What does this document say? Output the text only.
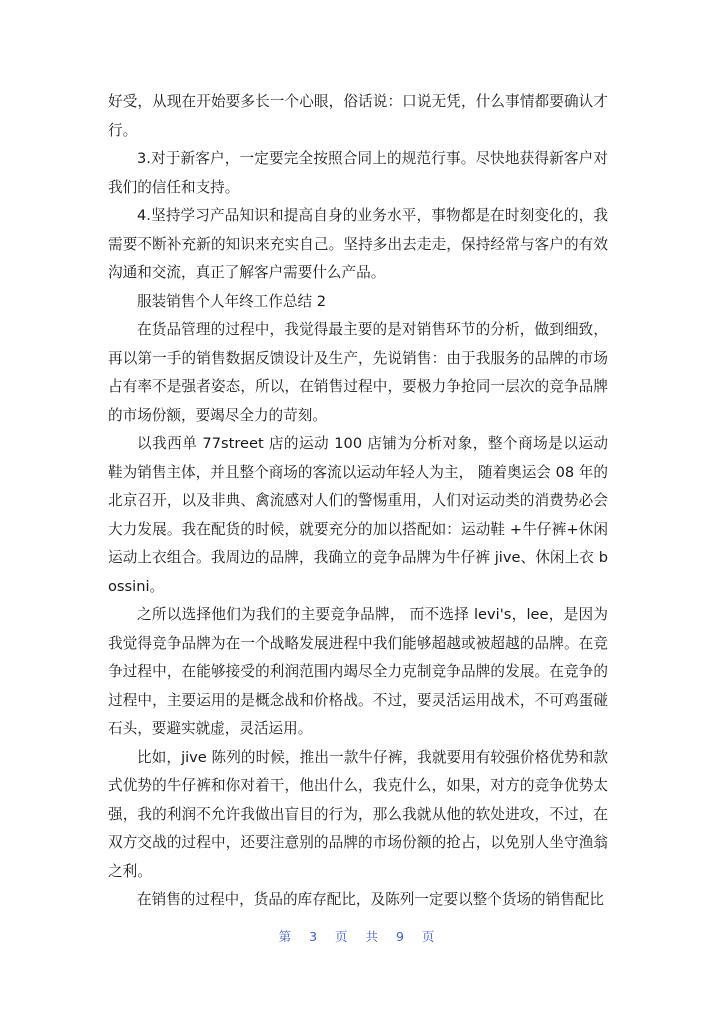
好受，从现在开始要多长一个心眼，俗话说：口说无凭，什么事情都要确认才行。

3.对于新客户，一定要完全按照合同上的规范行事。尽快地获得新客户对我们的信任和支持。

4.坚持学习产品知识和提高自身的业务水平，事物都是在时刻变化的，我需要不断补充新的知识来充实自己。坚持多出去走走，保持经常与客户的有效沟通和交流，真正了解客户需要什么产品。

服装销售个人年终工作总结 2

在货品管理的过程中，我觉得最主要的是对销售环节的分析，做到细致，再以第一手的销售数据反馈设计及生产，先说销售：由于我服务的品牌的市场占有率不是强者姿态，所以，在销售过程中，要极力争抢同一层次的竞争品牌的市场份额，要竭尽全力的苛刻。

以我西单 77street 店的运动 100 店铺为分析对象，整个商场是以运动鞋为销售主体，并且整个商场的客流以运动年轻人为主， 随着奥运会 08 年的北京召开，以及非典、禽流感对人们的警惕重用，人们对运动类的消费势必会大力发展。我在配货的时候，就要充分的加以搭配如：运动鞋 +牛仔裤+休闲运动上衣组合。我周边的品牌，我确立的竞争品牌为牛仔裤 jive、休闲上衣 bossini。

之所以选择他们为我们的主要竞争品牌， 而不选择 levi's，lee，是因为我觉得竞争品牌为在一个战略发展进程中我们能够超越或被超越的品牌。在竞争过程中，在能够接受的利润范围内竭尽全力克制竞争品牌的发展。在竞争的过程中，主要运用的是概念战和价格战。不过，要灵活运用战术，不可鸡蛋碰石头，要避实就虚，灵活运用。

比如，jive 陈列的时候，推出一款牛仔裤，我就要用有较强价格优势和款式优势的牛仔裤和你对着干，他出什么，我克什么，如果，对方的竞争优势太强，我的利润不允许我做出盲目的行为，那么我就从他的软处进攻，不过，在双方交战的过程中，还要注意别的品牌的市场份额的抢占，以免别人坐守渔翁之利。

在销售的过程中，货品的库存配比，及陈列一定要以整个货场的销售配比

第 3 页 共 9 页
